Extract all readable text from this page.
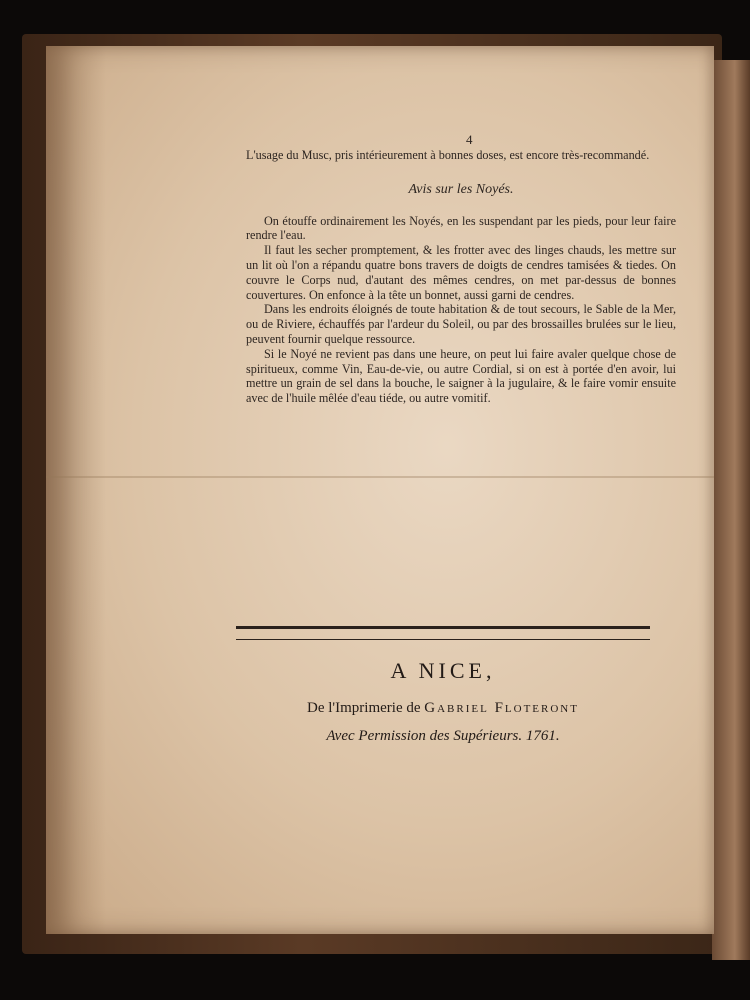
4

L'usage du Musc, pris intérieurement à bonnes doses, est encore très-recommandé.

Avis sur les Noyés.

On étouffe ordinairement les Noyés, en les suspendant par les pieds, pour leur faire rendre l'eau.

Il faut les secher promptement, & les frotter avec des linges chauds, les mettre sur un lit où l'on a répandu quatre bons travers de doigts de cendres tamisées & tiedes. On couvre le Corps nud, d'autant des mêmes cendres, on met par-dessus de bonnes couvertures. On enfonce à la tête un bonnet, aussi garni de cendres.

Dans les endroits éloignés de toute habitation & de tout secours, le Sable de la Mer, ou de Riviere, échauffés par l'ardeur du Soleil, ou par des brossailles brulées sur le lieu, peuvent fournir quelque ressource.

Si le Noyé ne revient pas dans une heure, on peut lui faire avaler quelque chose de spiritueux, comme Vin, Eau-de-vie, ou autre Cordial, si on est à portée d'en avoir, lui mettre un grain de sel dans la bouche, le saigner à la jugulaire, & le faire vomir ensuite avec de l'huile mêlée d'eau tiéde, ou autre vomitif.

A NICE,
De l'Imprimerie de Gabriel Floteront
Avec Permission des Supérieurs. 1761.
